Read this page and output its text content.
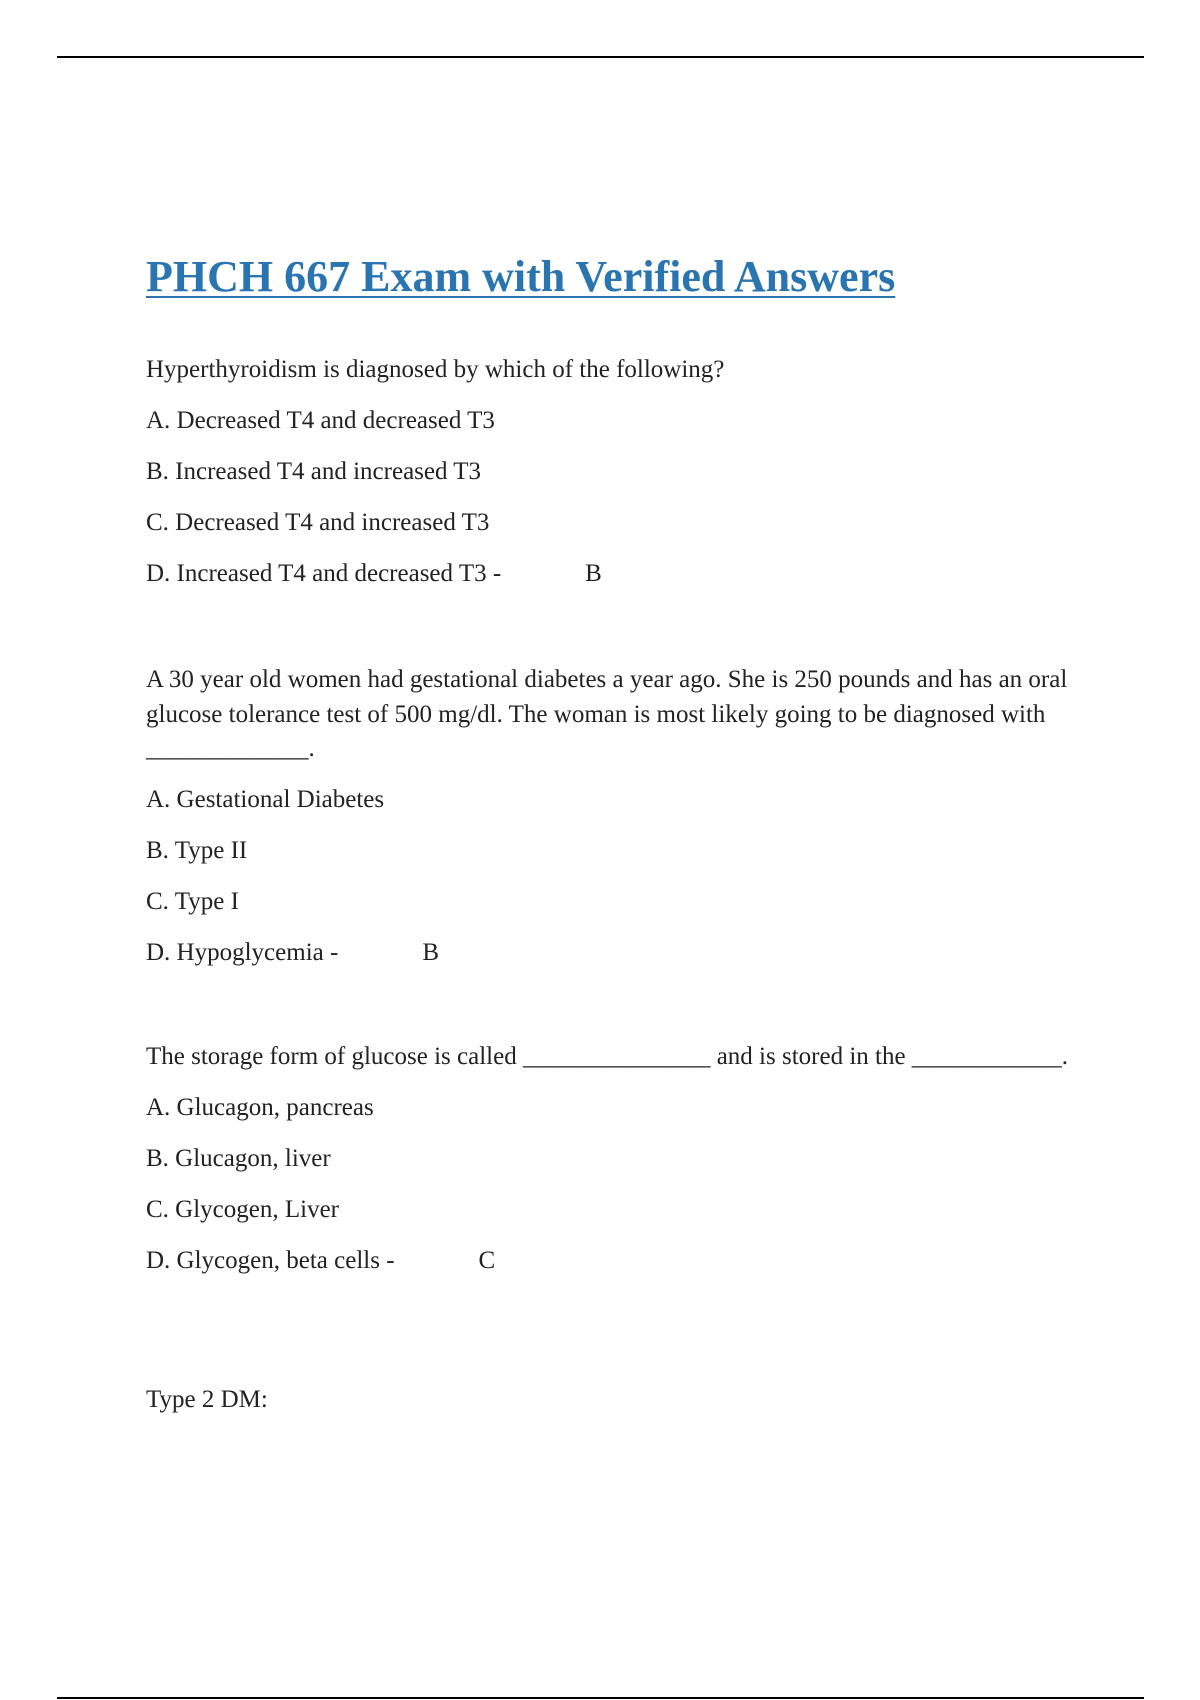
PHCH 667 Exam with Verified Answers

Hyperthyroidism is diagnosed by which of the following?

A. Decreased T4 and decreased T3

B. Increased T4 and increased T3

C. Decreased T4 and increased T3

D. Increased T4 and decreased T3 -	B

A 30 year old women had gestational diabetes a year ago. She is 250 pounds and has an oral glucose tolerance test of 500 mg/dl. The woman is most likely going to be diagnosed with _____________.

A. Gestational Diabetes

B. Type II

C. Type I

D. Hypoglycemia -	B

The storage form of glucose is called _______________ and is stored in the ____________.

A. Glucagon, pancreas

B. Glucagon, liver

C. Glycogen, Liver

D. Glycogen, beta cells -	C

Type 2 DM:
